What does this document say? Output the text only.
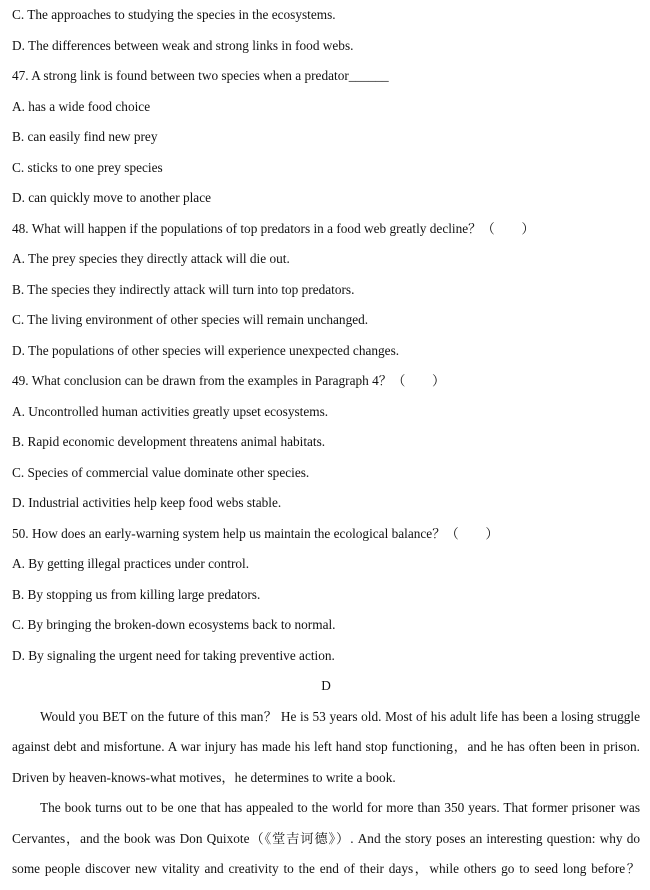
C. The approaches to studying the species in the ecosystems.
D. The differences between weak and strong links in food webs.
47. A strong link is found between two species when a predator______
A. has a wide food choice
B. can easily find new prey
C. sticks to one prey species
D. can quickly move to another place
48. What will happen if the populations of top predators in a food web greatly decline？（　　）
A. The prey species they directly attack will die out.
B. The species they indirectly attack will turn into top predators.
C. The living environment of other species will remain unchanged.
D. The populations of other species will experience unexpected changes.
49. What conclusion can be drawn from the examples in Paragraph 4？（　　）
A. Uncontrolled human activities greatly upset ecosystems.
B. Rapid economic development threatens animal habitats.
C. Species of commercial value dominate other species.
D. Industrial activities help keep food webs stable.
50. How does an early-warning system help us maintain the ecological balance？（　　）
A. By getting illegal practices under control.
B. By stopping us from killing large predators.
C. By bringing the broken-down ecosystems back to normal.
D. By signaling the urgent need for taking preventive action.
D
Would you BET on the future of this man？ He is 53 years old. Most of his adult life has been a losing struggle
against debt and misfortune. A war injury has made his left hand stop functioning，and he has often been in prison.
Driven by heaven-knows-what motives，he determines to write a book.
The book turns out to be one that has appealed to the world for more than 350 years. That former prisoner was
Cervantes，and the book was Don Quixote（《堂吉诃德》）. And the story poses an interesting question: why do
some people discover new vitality and creativity to the end of their days，while others go to seed long before？
